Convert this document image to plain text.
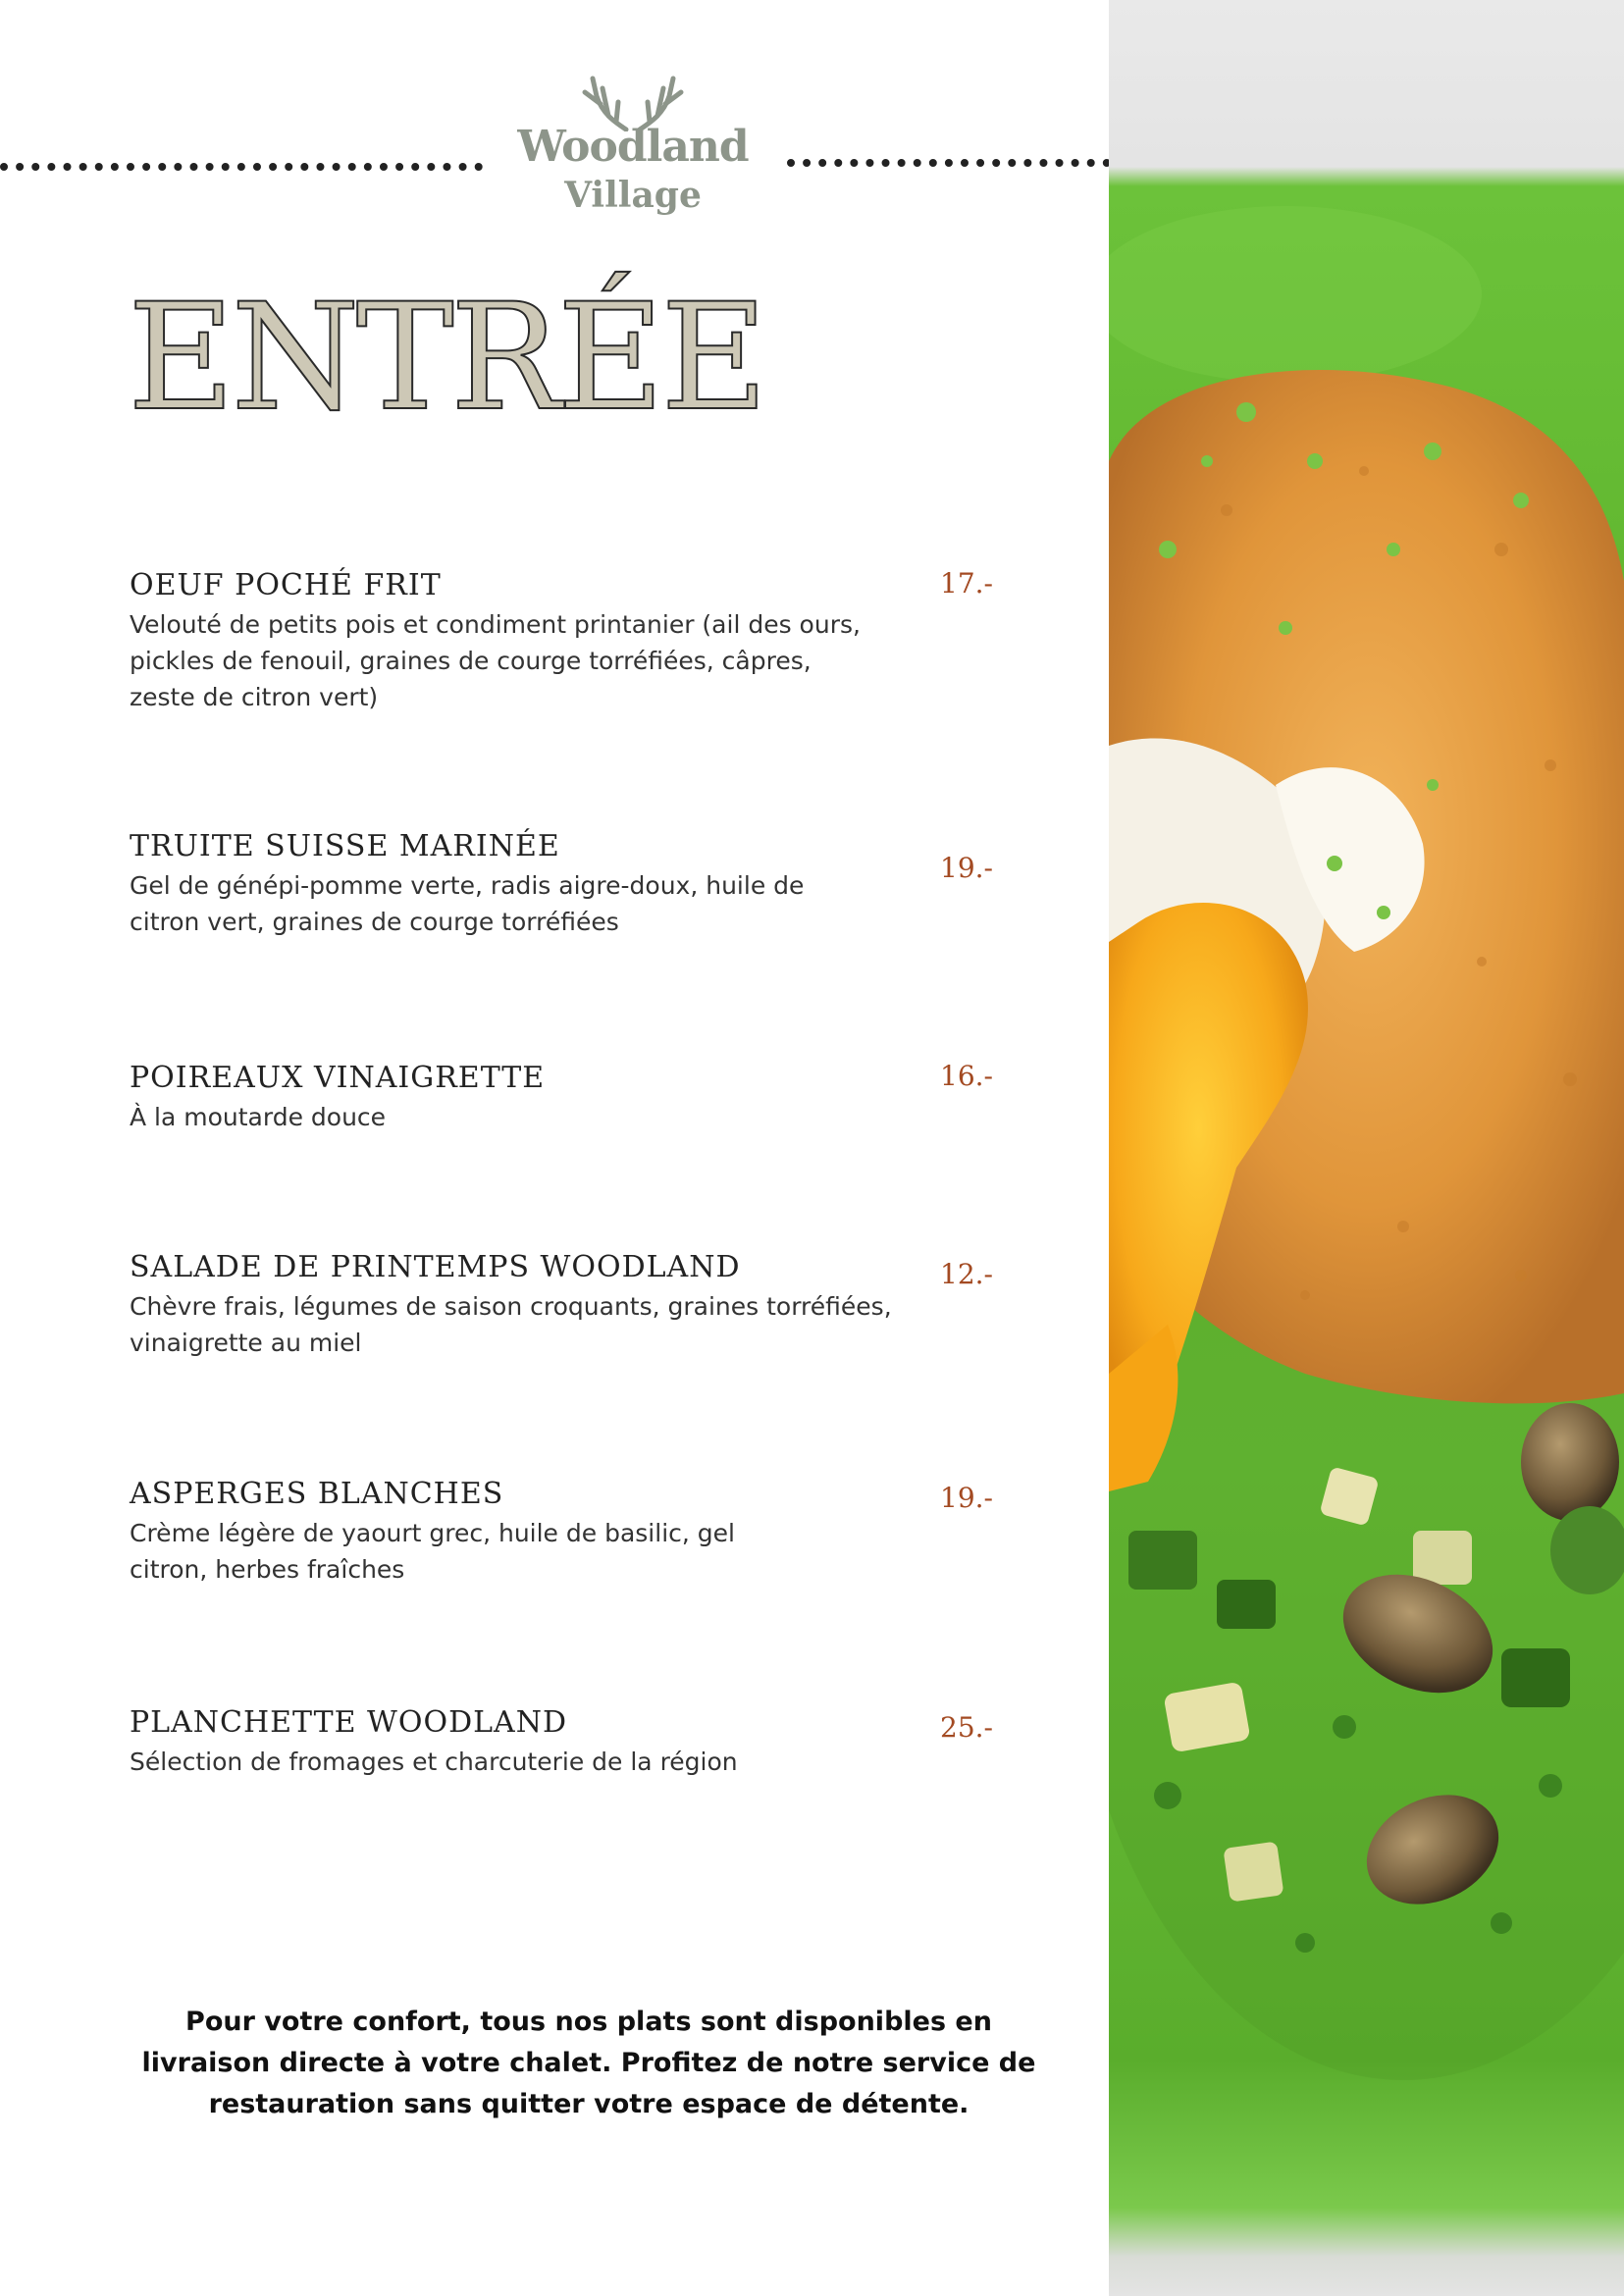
Woodland
Village
ENTRÉE
OEUF POCHÉ FRIT
Velouté de petits pois et condiment printanier (ail des ours, pickles de fenouil, graines de courge torréfiées, câpres, zeste de citron vert)
17.-
TRUITE SUISSE MARINÉE
Gel de génépi-pomme verte, radis aigre-doux, huile de citron vert, graines de courge torréfiées
19.-
POIREAUX VINAIGRETTE
À la moutarde douce
16.-
SALADE DE PRINTEMPS WOODLAND
Chèvre frais, légumes de saison croquants, graines torréfiées, vinaigrette au miel
12.-
ASPERGES BLANCHES
Crème légère de yaourt grec, huile de basilic, gel citron, herbes fraîches
19.-
PLANCHETTE WOODLAND
Sélection de fromages et charcuterie de la région
25.-
Pour votre confort, tous nos plats sont disponibles en livraison directe à votre chalet. Profitez de notre service de restauration sans quitter votre espace de détente.
